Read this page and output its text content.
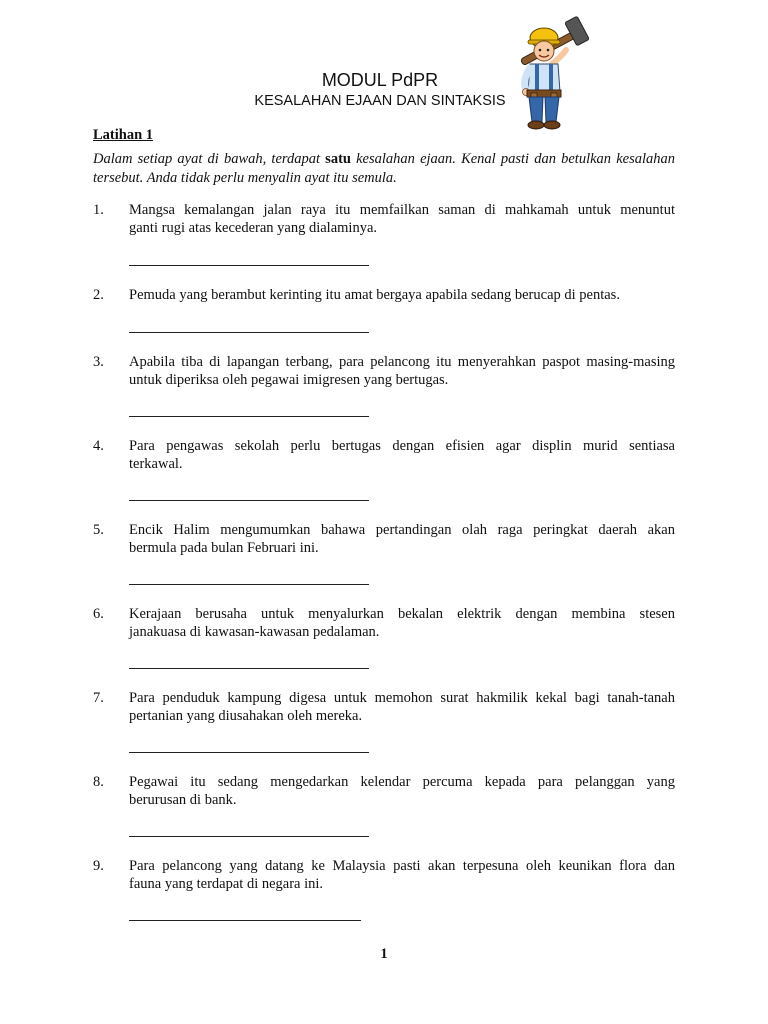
MODUL PdPR
KESALAHAN EJAAN DAN SINTAKSIS
Latihan 1
Dalam setiap ayat di bawah, terdapat satu kesalahan ejaan. Kenal pasti dan betulkan kesalahan tersebut. Anda tidak perlu menyalin ayat itu semula.
1.	Mangsa kemalangan jalan raya itu memfailkan saman di mahkamah untuk menuntut
ganti rugi atas kecederan yang dialaminya.
2.	Pemuda yang berambut kerinting itu amat bergaya apabila sedang berucap di pentas.
3.	Apabila tiba di lapangan terbang, para pelancong itu menyerahkan paspot masing-masing
untuk diperiksa oleh pegawai imigresen yang bertugas.
4.	Para pengawas sekolah perlu bertugas dengan efisien agar displin murid sentiasa
terkawal.
5.	Encik Halim mengumumkan bahawa pertandingan olah raga peringkat daerah akan
bermula pada bulan Februari ini.
6.	Kerajaan berusaha untuk menyalurkan bekalan elektrik dengan membina stesen
janakuasa di kawasan-kawasan pedalaman.
7.	Para penduduk kampung digesa untuk memohon surat hakmilik kekal bagi tanah-tanah
pertanian yang diusahakan oleh mereka.
8.	Pegawai itu sedang mengedarkan kelendar percuma kepada para pelanggan yang
berurusan di bank.
9.	Para pelancong yang datang ke Malaysia pasti akan terpesuna oleh keunikan flora dan
fauna yang terdapat di negara ini.
1
